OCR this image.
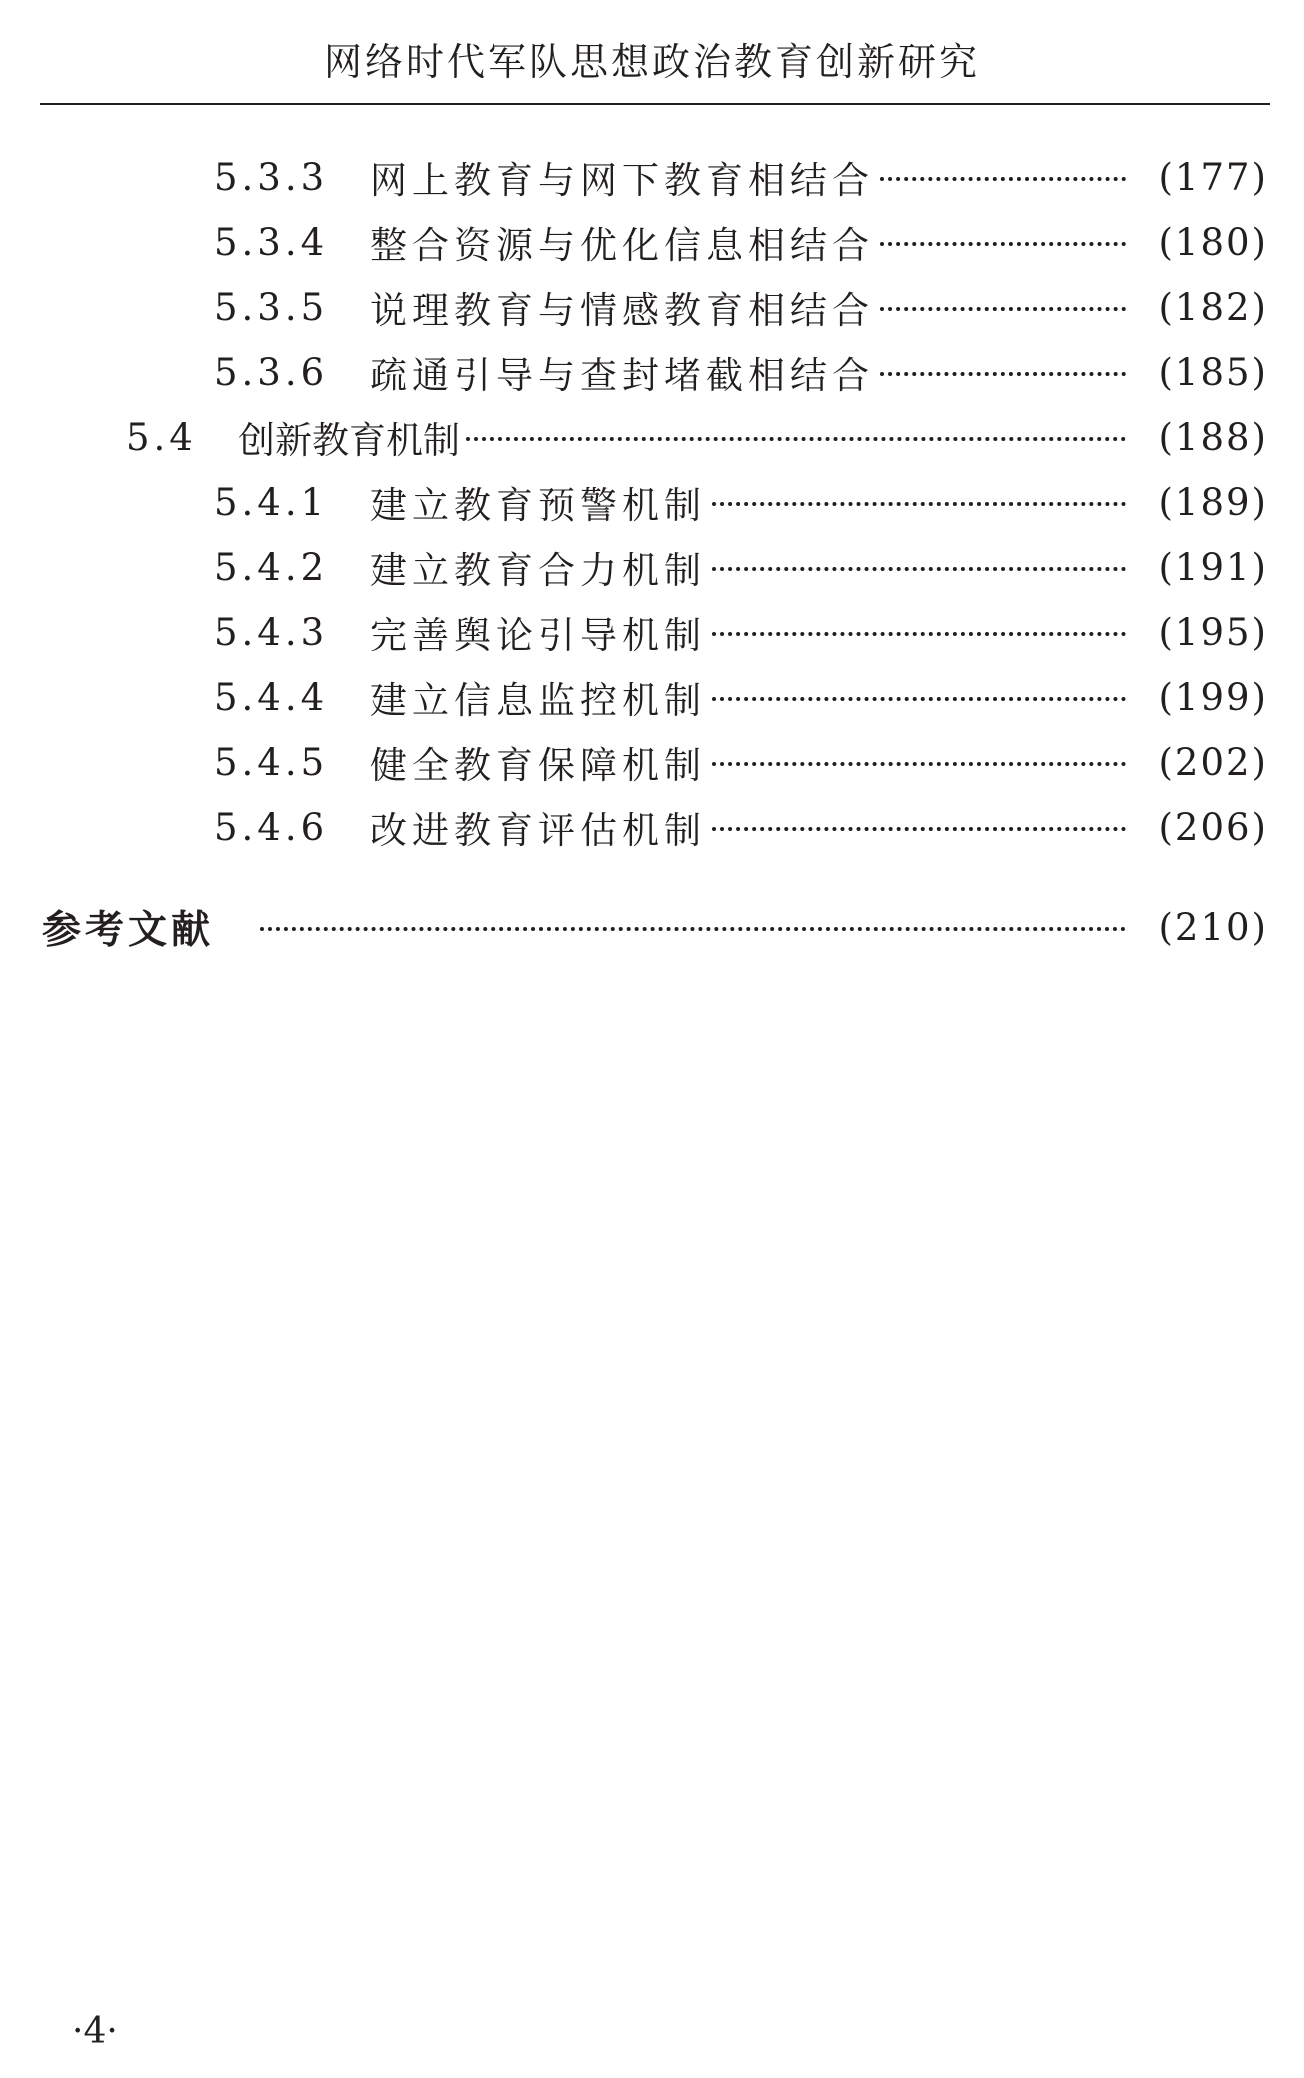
网络时代军队思想政治教育创新研究
5.3.3	网上教育与网下教育相结合	(177)
5.3.4	整合资源与优化信息相结合	(180)
5.3.5	说理教育与情感教育相结合	(182)
5.3.6	疏通引导与查封堵截相结合	(185)
5.4	创新教育机制	(188)
5.4.1	建立教育预警机制	(189)
5.4.2	建立教育合力机制	(191)
5.4.3	完善舆论引导机制	(195)
5.4.4	建立信息监控机制	(199)
5.4.5	健全教育保障机制	(202)
5.4.6	改进教育评估机制	(206)
参考文献	(210)
·4·
